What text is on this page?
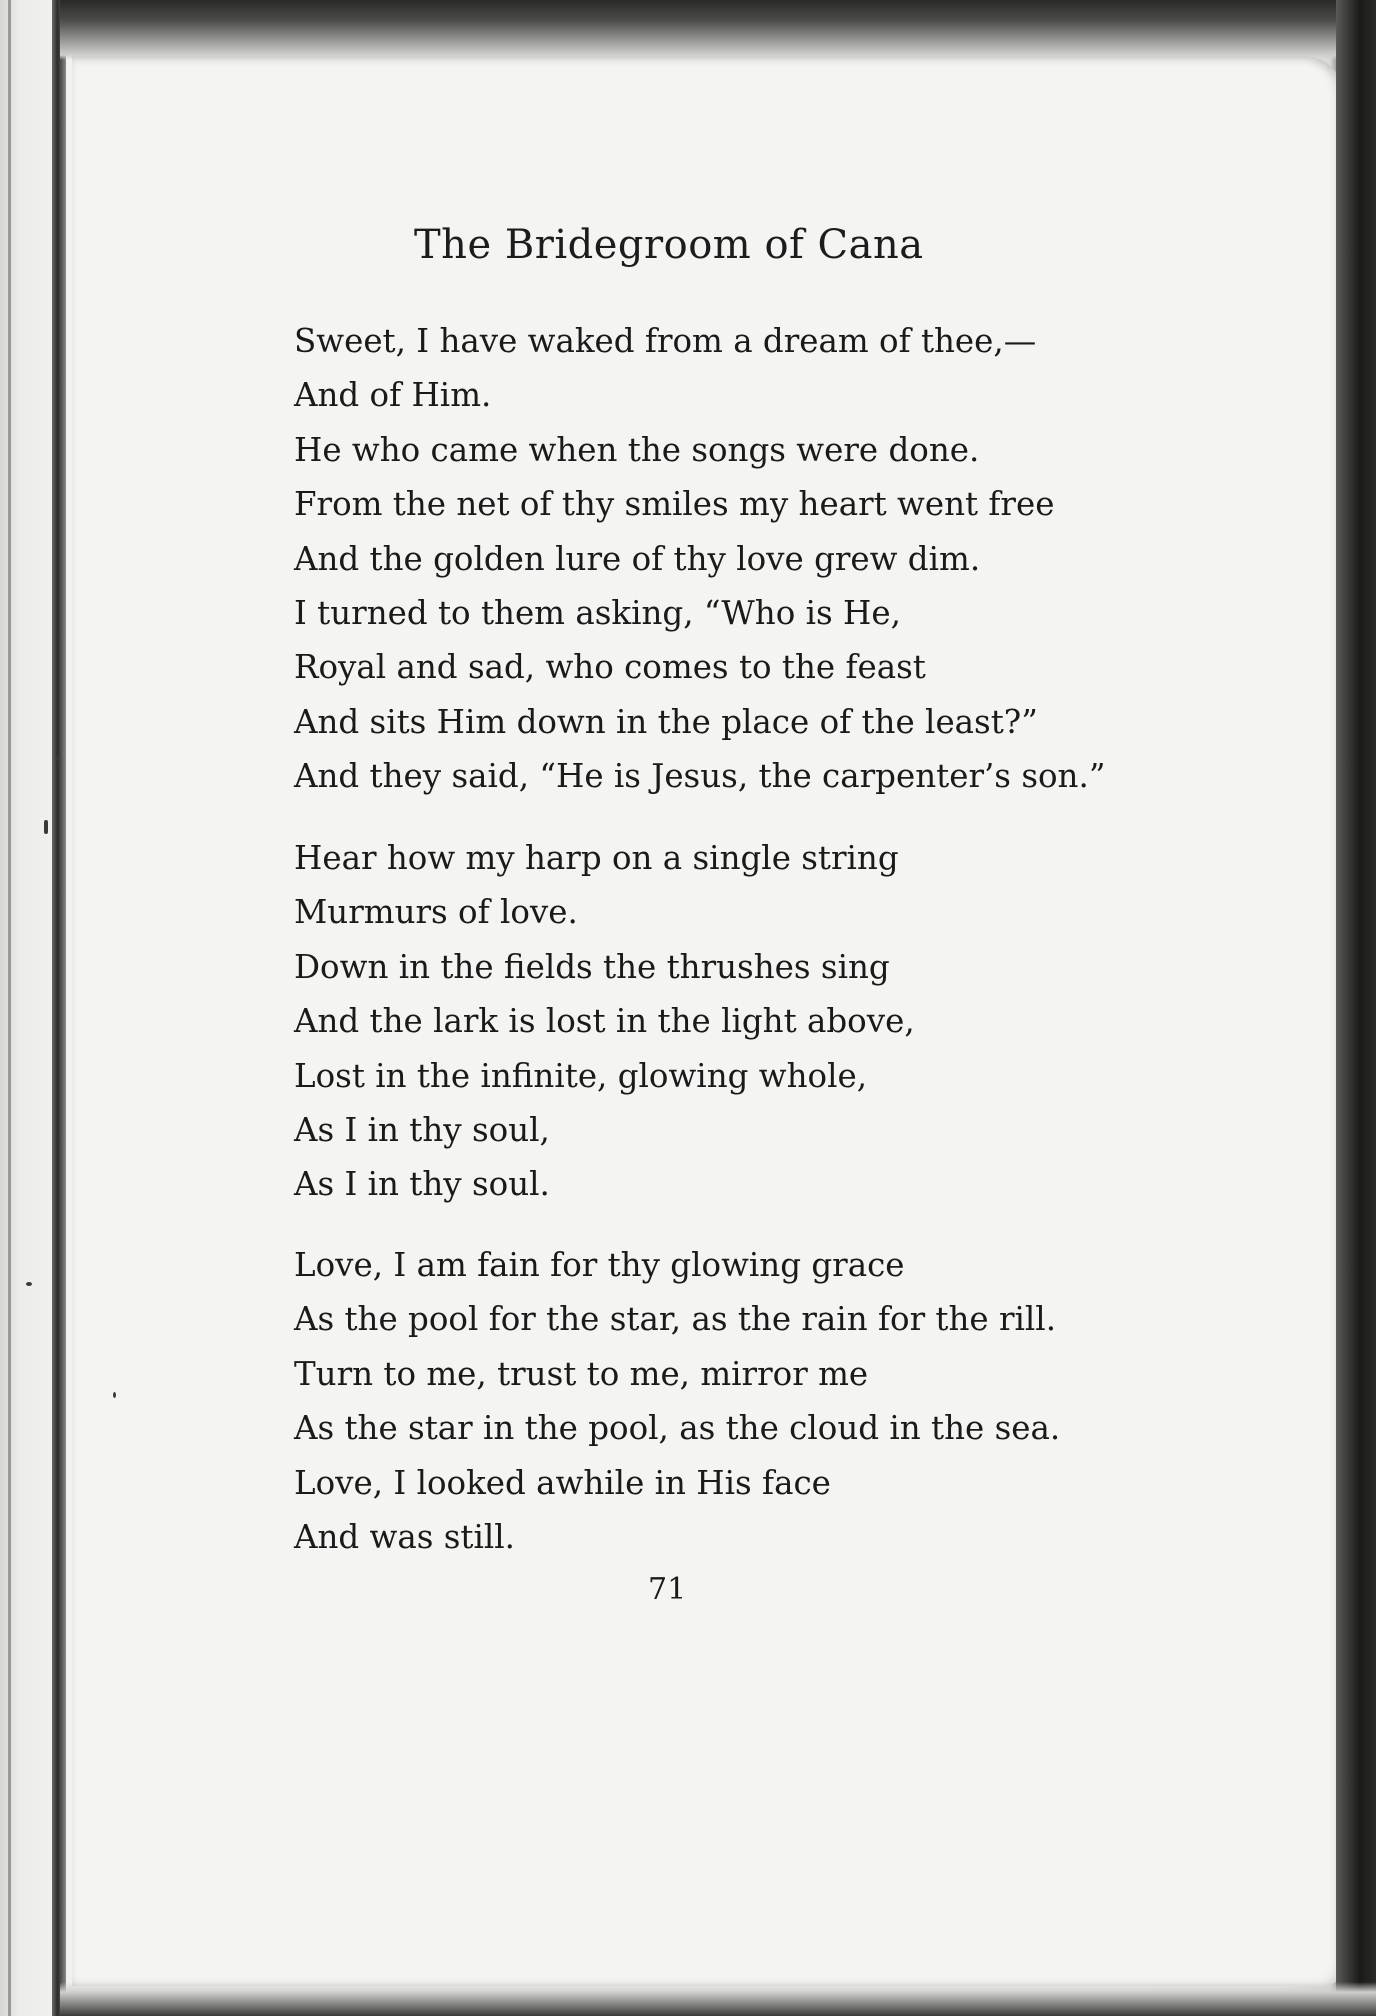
The Bridegroom of Cana
Sweet, I have waked from a dream of thee,—
And of Him.
He who came when the songs were done.
From the net of thy smiles my heart went free
And the golden lure of thy love grew dim.
I turned to them asking, “Who is He,
Royal and sad, who comes to the feast
And sits Him down in the place of the least?”
And they said, “He is Jesus, the carpenter’s son.”
Hear how my harp on a single string
Murmurs of love.
Down in the fields the thrushes sing
And the lark is lost in the light above,
Lost in the infinite, glowing whole,
As I in thy soul,
As I in thy soul.
Love, I am fain for thy glowing grace
As the pool for the star, as the rain for the rill.
Turn to me, trust to me, mirror me
As the star in the pool, as the cloud in the sea.
Love, I looked awhile in His face
And was still.
71
